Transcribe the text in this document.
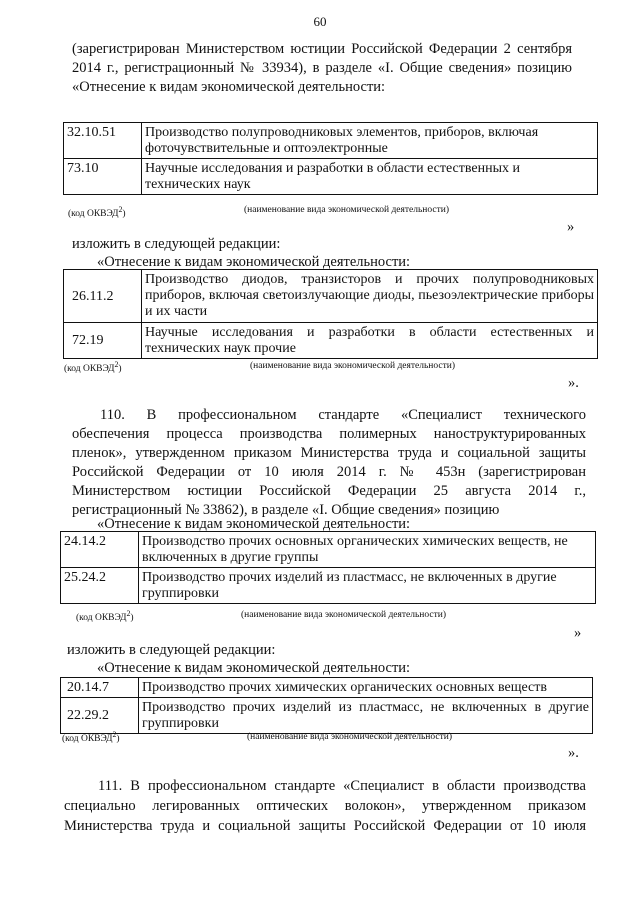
60
(зарегистрирован Министерством юстиции Российской Федерации 2 сентября
2014 г., регистрационный № 33934), в разделе «I. Общие сведения» позицию
«Отнесение к видам экономической деятельности:
32.10.51	Производство полупроводниковых элементов, приборов, включая фоточувствительные и оптоэлектронные
73.10	Научные исследования и разработки в области естественных и технических наук
(код ОКВЭД$^2$)	(наименование вида экономической деятельности)
»
изложить в следующей редакции:
«Отнесение к видам экономической деятельности:
26.11.2	Производство диодов, транзисторов и прочих полупроводниковых приборов, включая светоизлучающие диоды, пьезоэлектрические приборы и их части
72.19	Научные исследования и разработки в области естественных и технических наук прочие
(код ОКВЭД$^2$)	(наименование вида экономической деятельности)
».
110. В профессиональном стандарте «Специалист технического
обеспечения процесса производства полимерных наноструктурированных
пленок», утвержденном приказом Министерства труда и социальной защиты
Российской Федерации от 10 июля 2014 г. № 453н (зарегистрирован
Министерством юстиции Российской Федерации 25 августа 2014 г.,
регистрационный № 33862), в разделе «I. Общие сведения» позицию
«Отнесение к видам экономической деятельности:
24.14.2	Производство прочих основных органических химических веществ, не включенных в другие группы
25.24.2	Производство прочих изделий из пластмасс, не включенных в другие группировки
(код ОКВЭД$^2$)	(наименование вида экономической деятельности)
»
изложить в следующей редакции:
«Отнесение к видам экономической деятельности:
20.14.7	Производство прочих химических органических основных веществ
22.29.2	Производство прочих изделий из пластмасс, не включенных в другие группировки
(код ОКВЭД$^2$)	(наименование вида экономической деятельности)
».
111. В профессиональном стандарте «Специалист в области производства
специально легированных оптических волокон», утвержденном приказом
Министерства труда и социальной защиты Российской Федерации от 10 июля
